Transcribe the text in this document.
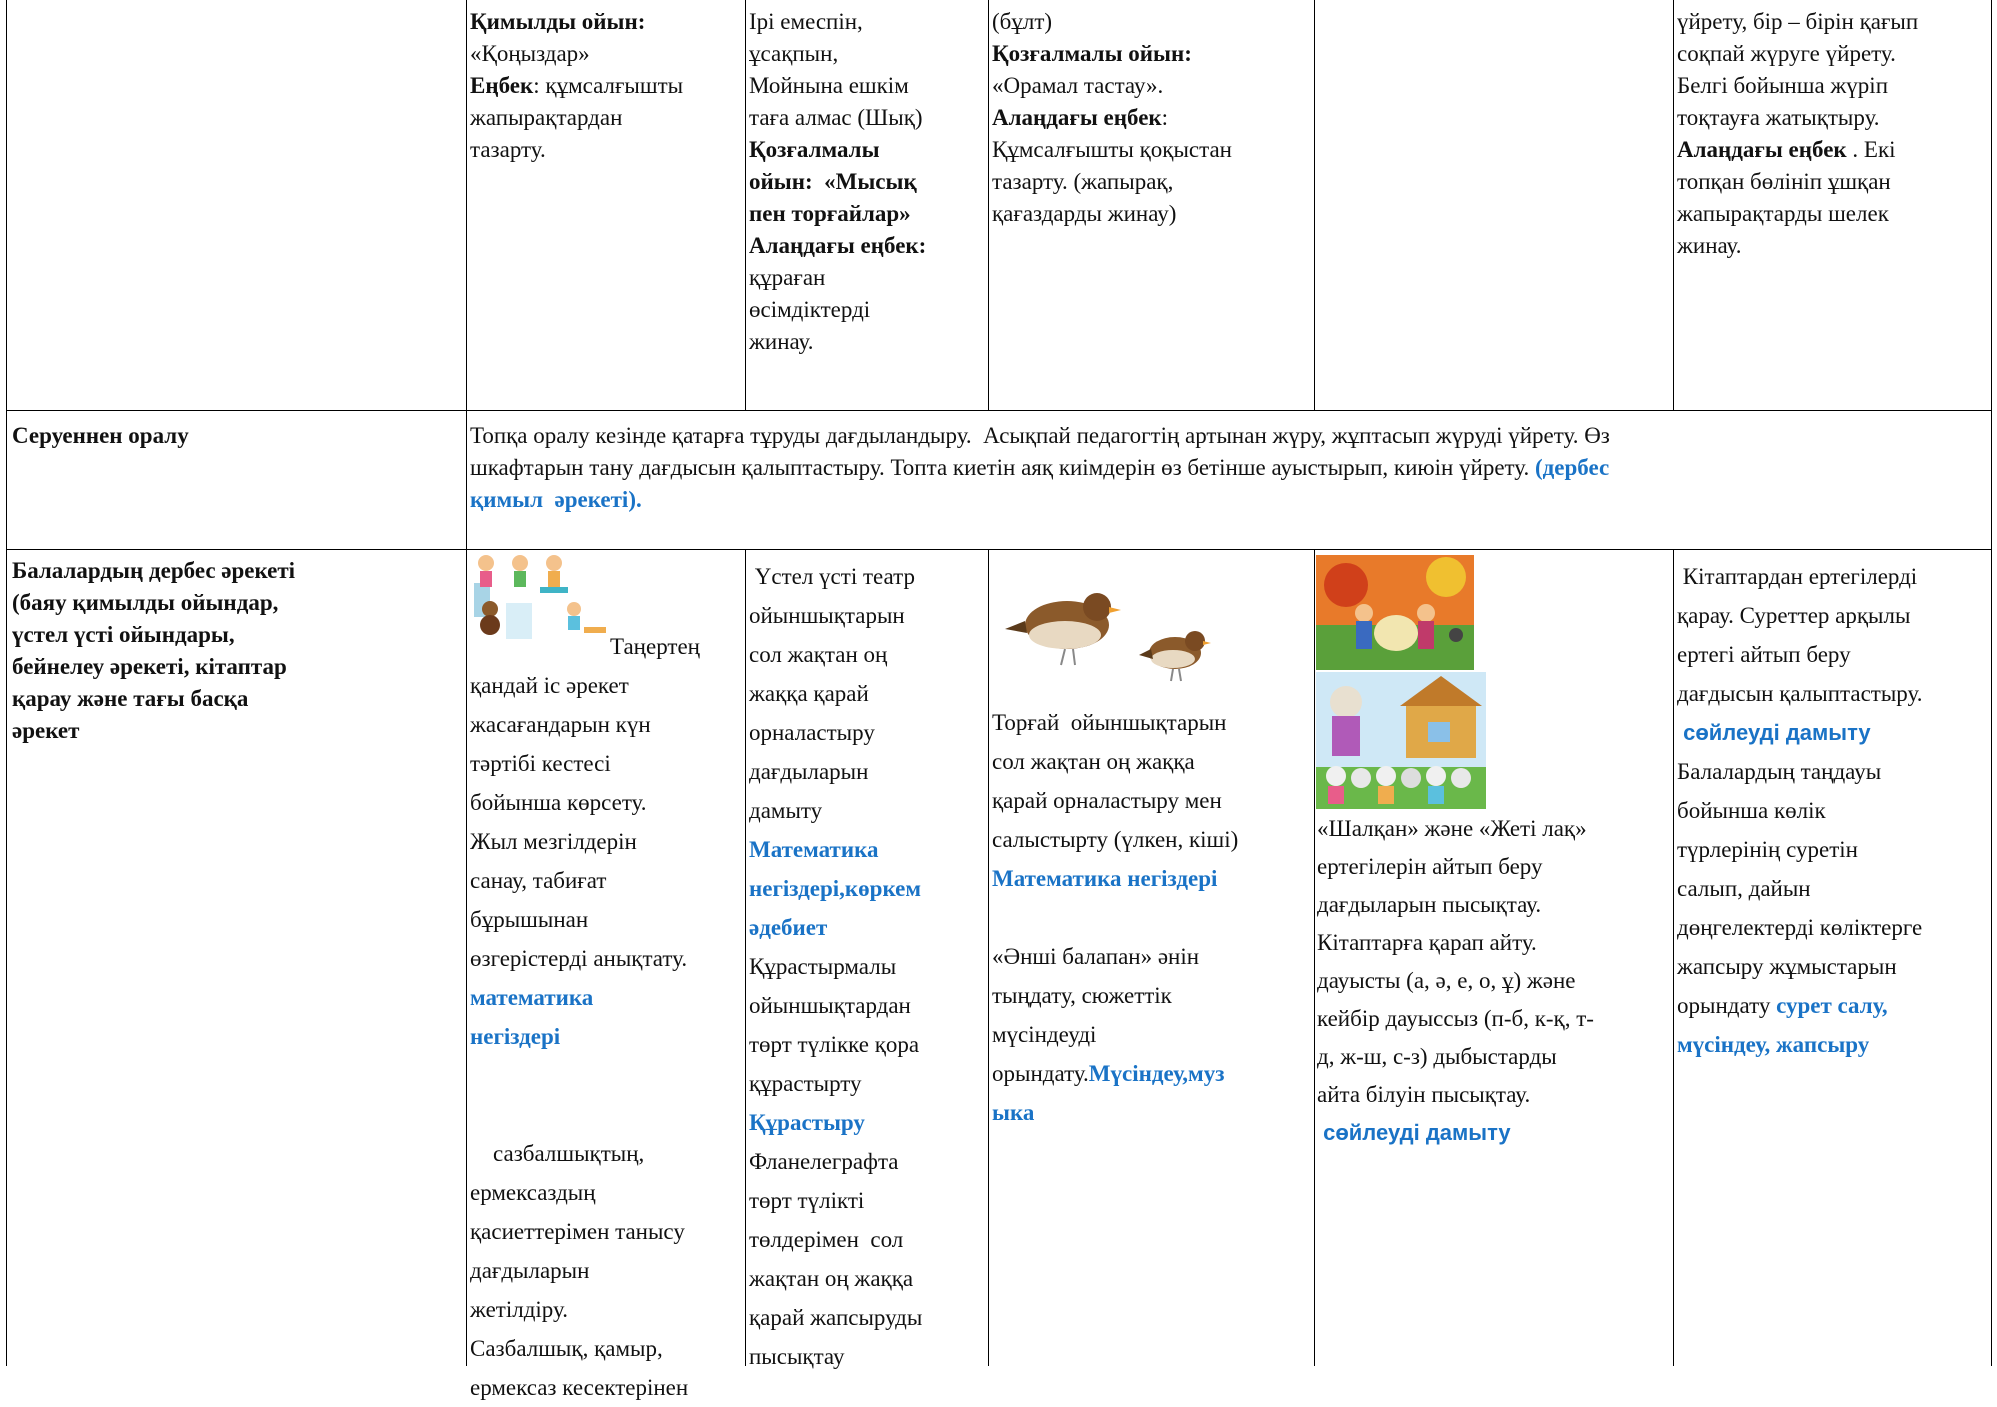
Қимылды ойын:
«Қоңыздар»
Еңбек: құмсалғышты
жапырақтардан
тазарту.
Ірі емеспін,
ұсақпын,
Мойнына ешкім
таға алмас (Шық)
Қозғалмалы
ойын:  «Мысық
пен торғайлар»
Алаңдағы еңбек:
құраған
өсімдіктерді
жинау.
(бұлт)
Қозғалмалы ойын:
«Орамал тастау».
Алаңдағы еңбек:
Құмсалғышты қоқыстан
тазарту. (жапырақ,
қағаздарды жинау)
үйрету, бір – бірін қағып
соқпай жүруге үйрету.
Белгі бойынша жүріп
тоқтауға жатықтыру.
Алаңдағы еңбек . Екі
топқан бөлініп ұшқан
жапырақтарды шелек
жинау.
Серуеннен оралу	Топқа оралу кезінде қатарға тұруды дағдыландыру.  Асықпай педагогтің артынан жүру, жұптасып жүруді үйрету. Өз
шкафтарын тану дағдысын қалыптастыру. Топта киетін аяқ киімдерін өз бетінше ауыстырып, киюін үйрету. (дербес
қимыл  әрекеті).
Балалардың дербес әрекеті
(баяу қимылды ойындар,
үстел үсті ойындары,
бейнелеу әрекеті, кітаптар
қарау және тағы басқа
әрекет
Таңертең
қандай іс әрекет
жасағандарын күн
тәртібі кестесі
бойынша көрсету.
Жыл мезгілдерін
санау, табиғат
бұрышынан
өзгерістерді анықтату.
математика
негіздері

сазбалшықтың,
ермексаздың
қасиеттерімен танысу
дағдыларын
жетілдіру.
Сазбалшық, қамыр,
ермексаз кесектерінен
Үстел үсті театр
ойыншықтарын
сол жақтан оң
жаққа қарай
орналастыру
дағдыларын
дамыту
Математика
негіздері,көркем
әдебиет
Құрастырмалы
ойыншықтардан
төрт түлікке қора
құрастырту
Құрастыру
Фланелеграфта
төрт түлікті
төлдерімен  сол
жақтан оң жаққа
қарай жапсыруды
пысықтау
Торғай  ойыншықтарын
сол жақтан оң жаққа
қарай орналастыру мен
салыстырту (үлкен, кіші)
Математика негіздері

«Әнші балапан» әнін
тыңдату, сюжеттік
мүсіндеуді
орындату.Мүсіндеу,муз
ыка
«Шалқан» және «Жеті лақ»
ертегілерін айтып беру
дағдыларын пысықтау.
Кітаптарға қарап айту.
дауысты (а, ә, е, о, ұ) және
кейбір дауыссыз (п-б, к-қ, т-
д, ж-ш, с-з) дыбыстарды
айта білуін пысықтау.
сөйлеуді дамыту
Кітаптардан ертегілерді
қарау. Суреттер арқылы
ертегі айтып беру
дағдысын қалыптастыру.
сөйлеуді дамыту
Балалардың таңдауы
бойынша көлік
түрлерінің суретін
салып, дайын
дөңгелектерді көліктерге
жапсыру жұмыстарын
орындату сурет салу,
мүсіндеу, жапсыру
